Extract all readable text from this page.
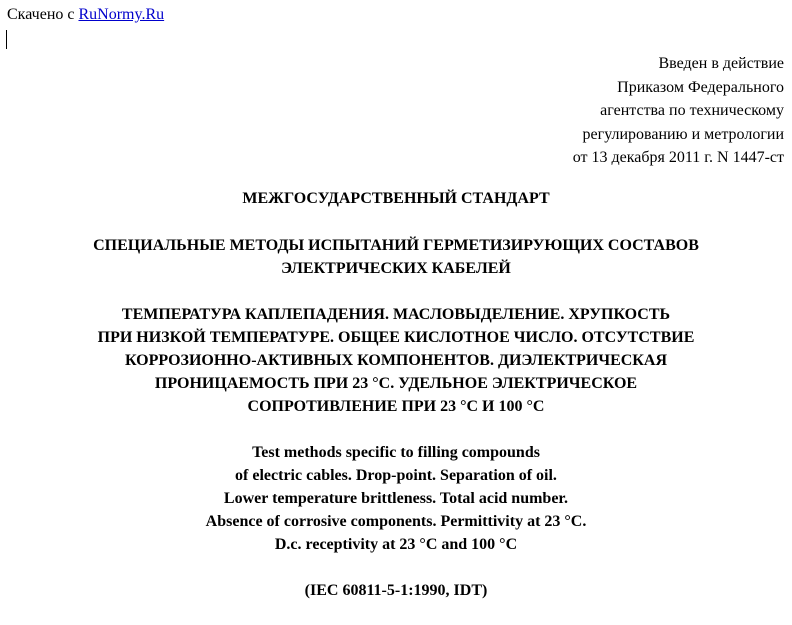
Скачено с RuNormy.Ru
Введен в действие
Приказом Федерального
агентства по техническому
регулированию и метрологии
от 13 декабря 2011 г. N 1447-ст
МЕЖГОСУДАРСТВЕННЫЙ СТАНДАРТ
СПЕЦИАЛЬНЫЕ МЕТОДЫ ИСПЫТАНИЙ ГЕРМЕТИЗИРУЮЩИХ СОСТАВОВ
ЭЛЕКТРИЧЕСКИХ КАБЕЛЕЙ
ТЕМПЕРАТУРА КАПЛЕПАДЕНИЯ. МАСЛОВЫДЕЛЕНИЕ. ХРУПКОСТЬ
ПРИ НИЗКОЙ ТЕМПЕРАТУРЕ. ОБЩЕЕ КИСЛОТНОЕ ЧИСЛО. ОТСУТСТВИЕ
КОРРОЗИОННО-АКТИВНЫХ КОМПОНЕНТОВ. ДИЭЛЕКТРИЧЕСКАЯ
ПРОНИЦАЕМОСТЬ ПРИ 23 °С. УДЕЛЬНОЕ ЭЛЕКТРИЧЕСКОЕ
СОПРОТИВЛЕНИЕ ПРИ 23 °С И 100 °С
Test methods specific to filling compounds
of electric cables. Drop-point. Separation of oil.
Lower temperature brittleness. Total acid number.
Absence of corrosive components. Permittivity at 23 °С.
D.c. receptivity at 23 °С and 100 °С
(IEC 60811-5-1:1990, IDT)
